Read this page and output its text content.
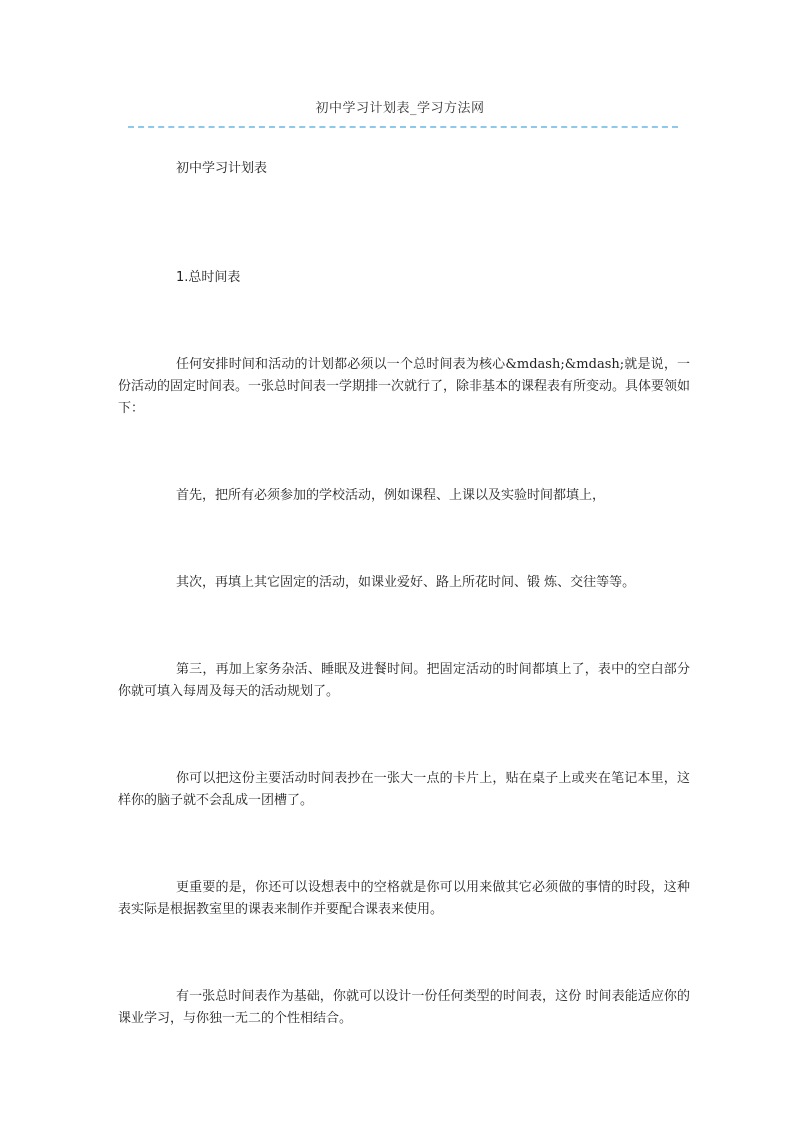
初中学习计划表_学习方法网
初中学习计划表
1.总时间表

任何安排时间和活动的计划都必须以一个总时间表为核心&mdash;&mdash;就是说，一份活动的固定时间表。一张总时间表一学期排一次就行了，除非基本的课程表有所变动。具体要领如下：

首先，把所有必须参加的学校活动，例如课程、上课以及实验时间都填上，

其次，再填上其它固定的活动，如课业爱好、路上所花时间、锻 炼、交往等等。

第三，再加上家务杂活、睡眠及进餐时间。把固定活动的时间都填上了，表中的空白部分你就可填入每周及每天的活动规划了。

你可以把这份主要活动时间表抄在一张大一点的卡片上，贴在桌子上或夹在笔记本里，这样你的脑子就不会乱成一团槽了。

更重要的是，你还可以设想表中的空格就是你可以用来做其它必须做的事情的时段，这种表实际是根据教室里的课表来制作并要配合课表来使用。

有一张总时间表作为基础，你就可以设计一份任何类型的时间表，这份 时间表能适应你的课业学习，与你独一无二的个性相结合。
